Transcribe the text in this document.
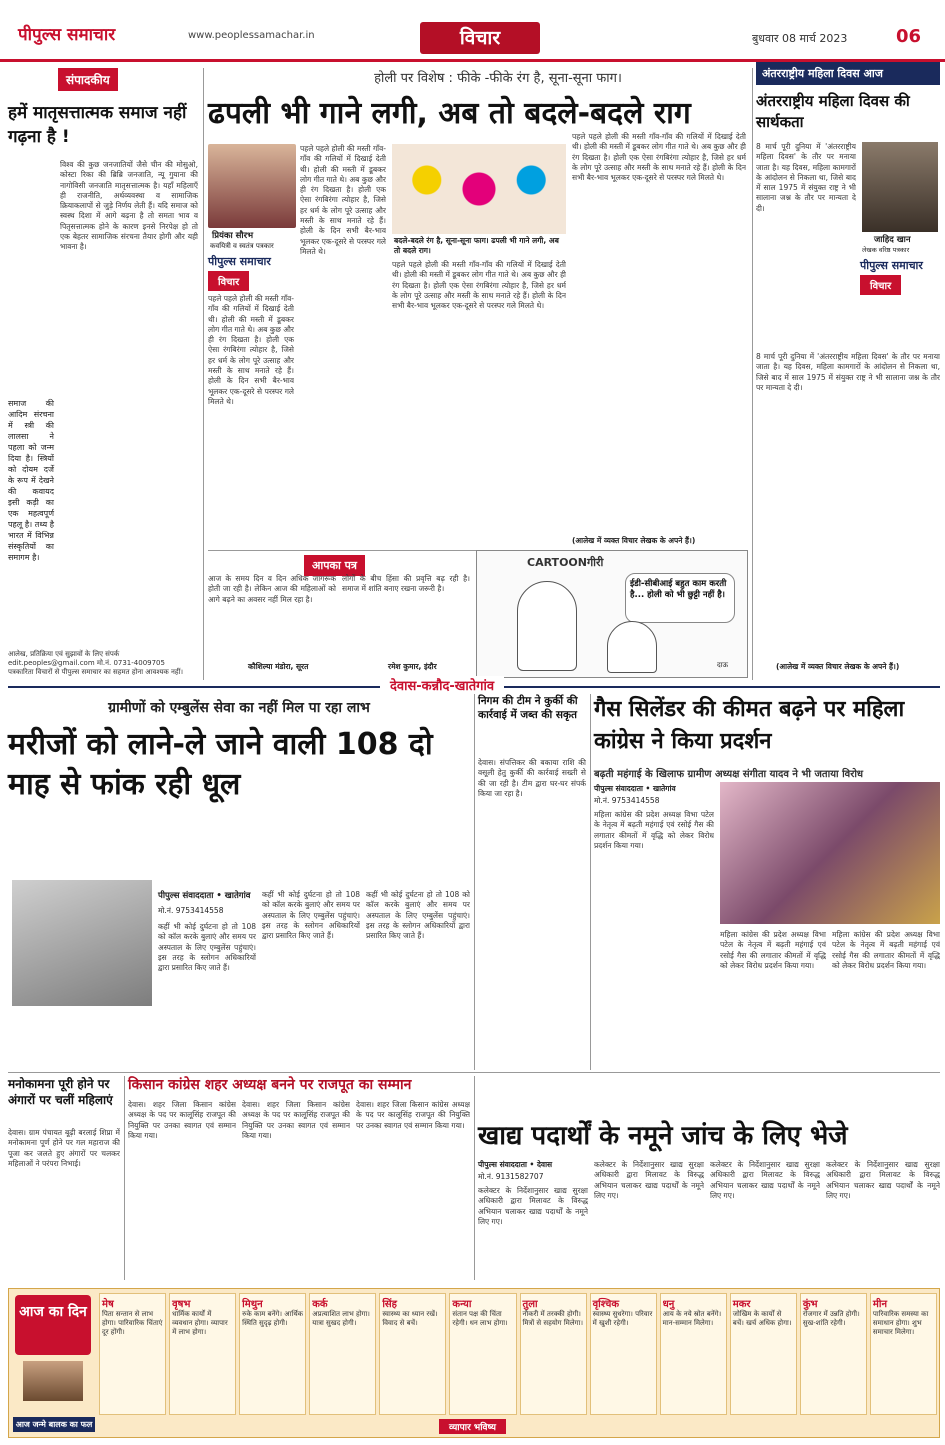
पीपुल्स समाचार	www.peoplessamachar.in	विचार	बुधवार 08 मार्च 2023	06
संपादकीय
हमें मातृसत्तात्मक समाज नहीं गढ़ना है !
समाज की आदिम संरचना में स्त्री की लालसा ने पहला को जन्म दिया है। स्त्रियों को दोयम दर्जे के रूप में देखने की कवायद इसी कड़ी का एक महत्वपूर्ण पहलू है। तथ्य है भारत में विभिन्न संस्कृतियों का समागम है।
विश्व की कुछ जनजातियों जैसे चीन की मोसुओ, कोस्टा रिका की ब्रिब्रि जनजाति, न्यू गुयाना की नागोविसी जनजाति मातृसत्तात्मक है। यहाँ महिलाएँ ही राजनीति, अर्थव्यवस्था व सामाजिक क्रियाकलापों से जुड़े निर्णय लेती हैं। यदि समाज को स्वस्थ दिशा में आगे बढ़ना है तो समता भाव व पितृसत्तात्मक होने के कारण इनसे निरपेक्ष हो तो एक बेहतर सामाजिक संरचना तैयार होगी और यही भावना है।
आलेख, प्रतिक्रिया एवं सुझावों के लिए संपर्क
edit.peoples@gmail.com मो.नं. 0731-4009705
पत्रकारिता विचारों से पीपुल्स समाचार का सहमत होना आवश्यक नहीं।
होली पर विशेष : फीके -फीके रंग है, सूना-सूना फाग।
ढपली भी गाने लगी, अब तो बदले-बदले राग
प्रियंका सौरभ
कवयित्री व स्वतंत्र पत्रकार
पीपुल्स समाचार
विचार
पहले पहले होली की मस्ती गाँव-गाँव की गलियों में दिखाई देती थी। होली की मस्ती में डूबकर लोग गीत गाते थे। अब कुछ और ही रंग दिखता है। होली एक ऐसा रंगबिरंगा त्योहार है, जिसे हर धर्म के लोग पूरे उत्साह और मस्ती के साथ मनाते रहे हैं। होली के दिन सभी बैर-भाव भूलकर एक-दूसरे से परस्पर गले मिलते थे।
पहले पहले होली की मस्ती गाँव-गाँव की गलियों में दिखाई देती थी। होली की मस्ती में डूबकर लोग गीत गाते थे। अब कुछ और ही रंग दिखता है। होली एक ऐसा रंगबिरंगा त्योहार है, जिसे हर धर्म के लोग पूरे उत्साह और मस्ती के साथ मनाते रहे हैं। होली के दिन सभी बैर-भाव भूलकर एक-दूसरे से परस्पर गले मिलते थे।
बदले-बदले रंग है, सूना-सूना फाग। ढपली भी गाने लगी, अब तो बदले राग।
पहले पहले होली की मस्ती गाँव-गाँव की गलियों में दिखाई देती थी। होली की मस्ती में डूबकर लोग गीत गाते थे। अब कुछ और ही रंग दिखता है। होली एक ऐसा रंगबिरंगा त्योहार है, जिसे हर धर्म के लोग पूरे उत्साह और मस्ती के साथ मनाते रहे हैं। होली के दिन सभी बैर-भाव भूलकर एक-दूसरे से परस्पर गले मिलते थे।
पहले पहले होली की मस्ती गाँव-गाँव की गलियों में दिखाई देती थी। होली की मस्ती में डूबकर लोग गीत गाते थे। अब कुछ और ही रंग दिखता है। होली एक ऐसा रंगबिरंगा त्योहार है, जिसे हर धर्म के लोग पूरे उत्साह और मस्ती के साथ मनाते रहे हैं। होली के दिन सभी बैर-भाव भूलकर एक-दूसरे से परस्पर गले मिलते थे।
(आलेख में व्यक्त विचार लेखक के अपने हैं।)
अंतरराष्ट्रीय महिला दिवस आज
अंतरराष्ट्रीय महिला दिवस की सार्थकता
8 मार्च पूरी दुनिया में 'अंतरराष्ट्रीय महिला दिवस' के तौर पर मनाया जाता है। यह दिवस, महिला कामगारों के आंदोलन से निकला था, जिसे बाद में साल 1975 में संयुक्त राष्ट्र ने भी सालाना जश्न के तौर पर मान्यता दे दी।
जाहिद खान
लेखक वरिष्ठ पत्रकार
पीपुल्स समाचार
विचार
8 मार्च पूरी दुनिया में 'अंतरराष्ट्रीय महिला दिवस' के तौर पर मनाया जाता है। यह दिवस, महिला कामगारों के आंदोलन से निकला था, जिसे बाद में साल 1975 में संयुक्त राष्ट्र ने भी सालाना जश्न के तौर पर मान्यता दे दी।
(आलेख में व्यक्त विचार लेखक के अपने हैं।)
आपका पत्र
आज के समय दिन व दिन अधिक जागरूक होती जा रही है। लेकिन आज की महिलाओं को आगे बढ़ने का अवसर नहीं मिल रहा है।
कौशिल्या मंडोरा, सूरत
लोगों के बीच हिंसा की प्रवृत्ति बढ़ रही है। समाज में शांति बनाए रखना जरूरी है।
रमेश कुमार, इंदौर
CARTOONगीरी
ईडी-सीबीआई बहुत काम करती है... होली को भी छुट्टी नहीं है।
दाऊ
देवास-कन्नौद-खातेगांव
ग्रामीणों को एम्बुलेंस सेवा का नहीं मिल पा रहा लाभ
मरीजों को लाने-ले जाने वाली 108 दो माह से फांक रही धूल
पीपुल्स संवाददाता • खातेगांव
मो.नं. 9753414558
कहीं भी कोई दुर्घटना हो तो 108 को कॉल करके बुलाएं और समय पर अस्पताल के लिए एम्बुलेंस पहुंचाएं। इस तरह के स्लोगन अधिकारियों द्वारा प्रसारित किए जाते हैं।
कहीं भी कोई दुर्घटना हो तो 108 को कॉल करके बुलाएं और समय पर अस्पताल के लिए एम्बुलेंस पहुंचाएं। इस तरह के स्लोगन अधिकारियों द्वारा प्रसारित किए जाते हैं।
कहीं भी कोई दुर्घटना हो तो 108 को कॉल करके बुलाएं और समय पर अस्पताल के लिए एम्बुलेंस पहुंचाएं। इस तरह के स्लोगन अधिकारियों द्वारा प्रसारित किए जाते हैं।
निगम की टीम ने कुर्की की कार्रवाई में जब्त की सकृत
देवास। संपत्तिकर की बकाया राशि की वसूली हेतु कुर्की की कार्रवाई सख्ती से की जा रही है। टीम द्वारा घर-घर संपर्क किया जा रहा है।
गैस सिलेंडर की कीमत बढ़ने पर महिला कांग्रेस ने किया प्रदर्शन
बढ़ती महंगाई के खिलाफ ग्रामीण अध्यक्ष संगीता यादव ने भी जताया विरोध
पीपुल्स संवाददाता • खातेगांव
मो.नं. 9753414558
महिला कांग्रेस की प्रदेश अध्यक्ष विभा पटेल के नेतृत्व में बढ़ती महंगाई एवं रसोई गैस की लगातार कीमतों में वृद्धि को लेकर विरोध प्रदर्शन किया गया।
महिला कांग्रेस की प्रदेश अध्यक्ष विभा पटेल के नेतृत्व में बढ़ती महंगाई एवं रसोई गैस की लगातार कीमतों में वृद्धि को लेकर विरोध प्रदर्शन किया गया।
महिला कांग्रेस की प्रदेश अध्यक्ष विभा पटेल के नेतृत्व में बढ़ती महंगाई एवं रसोई गैस की लगातार कीमतों में वृद्धि को लेकर विरोध प्रदर्शन किया गया।
मनोकामना पूरी होने पर अंगारों पर चलीं महिलाएं
देवास। ग्राम पंचायत बूढ़ी बरलाई शिप्रा में मनोकामना पूर्ण होने पर गल महाराज की पूजा कर जलते हुए अंगारों पर चलकर महिलाओं ने परंपरा निभाई।
किसान कांग्रेस शहर अध्यक्ष बनने पर राजपूत का सम्मान
देवास। शहर जिला किसान कांग्रेस अध्यक्ष के पद पर कालूसिंह राजपूत की नियुक्ति पर उनका स्वागत एवं सम्मान किया गया।
देवास। शहर जिला किसान कांग्रेस अध्यक्ष के पद पर कालूसिंह राजपूत की नियुक्ति पर उनका स्वागत एवं सम्मान किया गया।
देवास। शहर जिला किसान कांग्रेस अध्यक्ष के पद पर कालूसिंह राजपूत की नियुक्ति पर उनका स्वागत एवं सम्मान किया गया। खाद्य पदार्थों के नमूने जांच के लिए भेजे
पीपुल्स संवाददाता • देवास
मो.नं. 9131582707
कलेक्टर के निर्देशानुसार खाद्य सुरक्षा अधिकारी द्वारा मिलावट के विरुद्ध अभियान चलाकर खाद्य पदार्थों के नमूने लिए गए।
कलेक्टर के निर्देशानुसार खाद्य सुरक्षा अधिकारी द्वारा मिलावट के विरुद्ध अभियान चलाकर खाद्य पदार्थों के नमूने लिए गए।
कलेक्टर के निर्देशानुसार खाद्य सुरक्षा अधिकारी द्वारा मिलावट के विरुद्ध अभियान चलाकर खाद्य पदार्थों के नमूने लिए गए।
कलेक्टर के निर्देशानुसार खाद्य सुरक्षा अधिकारी द्वारा मिलावट के विरुद्ध अभियान चलाकर खाद्य पदार्थों के नमूने लिए गए।
आज का दिन
आज जन्मे बालक का फल
मेष
पिता सन्तान से लाभ होगा। पारिवारिक चिंताएं दूर होंगी।
वृषभ
धार्मिक कार्यों में व्यवधान होगा। व्यापार में लाभ होगा।
मिथुन
रुके काम बनेंगे। आर्थिक स्थिति सुदृढ़ होगी।
कर्क
अप्रत्याशित लाभ होगा। यात्रा सुखद होगी।
सिंह
स्वास्थ्य का ध्यान रखें। विवाद से बचें।
कन्या
संतान पक्ष की चिंता रहेगी। धन लाभ होगा।
तुला
नौकरी में तरक्की होगी। मित्रों से सहयोग मिलेगा।
वृश्चिक
स्वास्थ्य सुधरेगा। परिवार में खुशी रहेगी।
धनु
आय के नये स्रोत बनेंगे। मान-सम्मान मिलेगा।
मकर
जोखिम के कार्यों से बचें। खर्च अधिक होगा।
कुंभ
रोजगार में उन्नति होगी। सुख-शांति रहेगी।
मीन
पारिवारिक समस्या का समाधान होगा। शुभ समाचार मिलेगा।
व्यापार भविष्य
